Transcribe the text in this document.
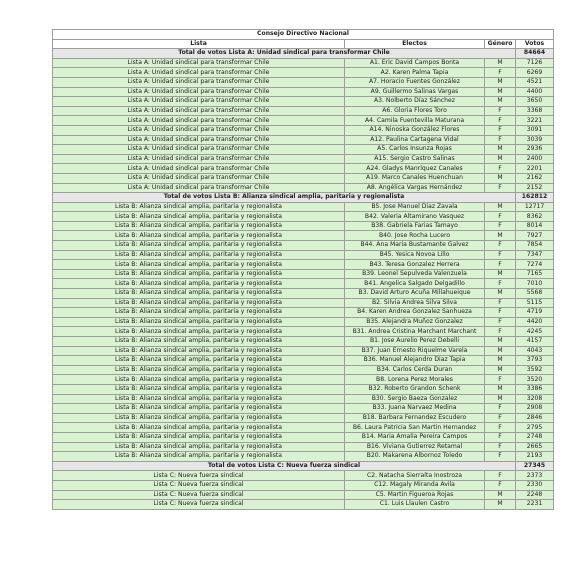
Consejo Directivo Nacional			
Lista	Electos	Género	Votos
Total de votos Lista A: Unidad sindical para transformar Chile			84664
Lista A: Unidad sindical para transformar Chile	A1. Eric David Campos Bonta	M	7126
Lista A: Unidad sindical para transformar Chile	A2. Karen Palma Tapia	F	6269
Lista A: Unidad sindical para transformar Chile	A7. Horacio Fuentes González	M	4521
Lista A: Unidad sindical para transformar Chile	A9. Guillermo Salinas Vargas	M	4400
Lista A: Unidad sindical para transformar Chile	A3. Nolberto Díaz Sánchez	M	3650
Lista A: Unidad sindical para transformar Chile	A6. Gloria Flores Toro	F	3368
Lista A: Unidad sindical para transformar Chile	A4. Camila Fuentevilla Maturana	F	3221
Lista A: Unidad sindical para transformar Chile	A14. Ninoska González Flores	F	3091
Lista A: Unidad sindical para transformar Chile	A12. Paulina Cartagena Vidal	F	3039
Lista A: Unidad sindical para transformar Chile	A5. Carlos Insunza Rojas	M	2936
Lista A: Unidad sindical para transformar Chile	A15. Sergio Castro Salinas	M	2400
Lista A: Unidad sindical para transformar Chile	A24. Gladys Manríquez Canales	F	2201
Lista A: Unidad sindical para transformar Chile	A19. Marco Canales Huenchuan	M	2162
Lista A: Unidad sindical para transformar Chile	A8. Angélica Vargas Hernández	F	2152
Total de votos Lista B: Alianza sindical amplia, paritaria y regionalista			162812
Lista B: Alianza sindical amplia, paritaria y regionalista	B5. Jose Manuel Diaz Zavala	M	12717
Lista B: Alianza sindical amplia, paritaria y regionalista	B42. Valeria Altamirano Vasquez	F	8362
Lista B: Alianza sindical amplia, paritaria y regionalista	B38. Gabriela Farias Tamayo	F	8014
Lista B: Alianza sindical amplia, paritaria y regionalista	B40. Jose Rocha Lucero	M	7927
Lista B: Alianza sindical amplia, paritaria y regionalista	B44. Ana Maria Bustamante Galvez	F	7854
Lista B: Alianza sindical amplia, paritaria y regionalista	B45. Yesica Novoa Lillo	F	7347
Lista B: Alianza sindical amplia, paritaria y regionalista	B43. Teresa Gonzalez Herrera	F	7274
Lista B: Alianza sindical amplia, paritaria y regionalista	B39. Leonel Sepulveda Valenzuela	M	7165
Lista B: Alianza sindical amplia, paritaria y regionalista	B41. Angelica Salgado Delgadillo	F	7010
Lista B: Alianza sindical amplia, paritaria y regionalista	B3. David Arturo Acuña Millahueique	M	5568
Lista B: Alianza sindical amplia, paritaria y regionalista	B2. Silvia Andrea Silva Silva	F	5115
Lista B: Alianza sindical amplia, paritaria y regionalista	B4. Karen Andrea Gonzalez Sanhueza	F	4719
Lista B: Alianza sindical amplia, paritaria y regionalista	B35. Alejandra Muñoz Gonzalez	F	4420
Lista B: Alianza sindical amplia, paritaria y regionalista	B31. Andrea Cristina Marchant Marchant	F	4245
Lista B: Alianza sindical amplia, paritaria y regionalista	B1. Jose Aurelio Perez Debelli	M	4157
Lista B: Alianza sindical amplia, paritaria y regionalista	B37. Juan Ernesto Riquelme Varela	M	4043
Lista B: Alianza sindical amplia, paritaria y regionalista	B36. Manuel Alejandro Diaz Tapia	M	3793
Lista B: Alianza sindical amplia, paritaria y regionalista	B34. Carlos Cerda Duran	M	3592
Lista B: Alianza sindical amplia, paritaria y regionalista	B8. Lorena Perez Morales	F	3520
Lista B: Alianza sindical amplia, paritaria y regionalista	B32. Roberto Grandon Schenk	M	3386
Lista B: Alianza sindical amplia, paritaria y regionalista	B30. Sergio Baeza Gonzalez	M	3208
Lista B: Alianza sindical amplia, paritaria y regionalista	B33. Juana Narvaez Medina	F	2908
Lista B: Alianza sindical amplia, paritaria y regionalista	B18. Barbara Fernandez Escudero	F	2846
Lista B: Alianza sindical amplia, paritaria y regionalista	B6. Laura Patricia San Martin Hernandez	F	2795
Lista B: Alianza sindical amplia, paritaria y regionalista	B14. Maria Amalia Pereira Campos	F	2748
Lista B: Alianza sindical amplia, paritaria y regionalista	B16. Viviana Gutierrez Retamal	F	2665
Lista B: Alianza sindical amplia, paritaria y regionalista	B20. Makarena Albornoz Toledo	F	2193
Total de votos Lista C: Nueva fuerza sindical			27345
Lista C: Nueva fuerza sindical	C2. Natacha Sierralta Inostroza	F	2373
Lista C: Nueva fuerza sindical	C12. Magaly Miranda Avila	F	2330
Lista C: Nueva fuerza sindical	C5. Martin Figueroa Rojas	M	2248
Lista C: Nueva fuerza sindical	C1. Luis Llaulen Castro	M	2231
